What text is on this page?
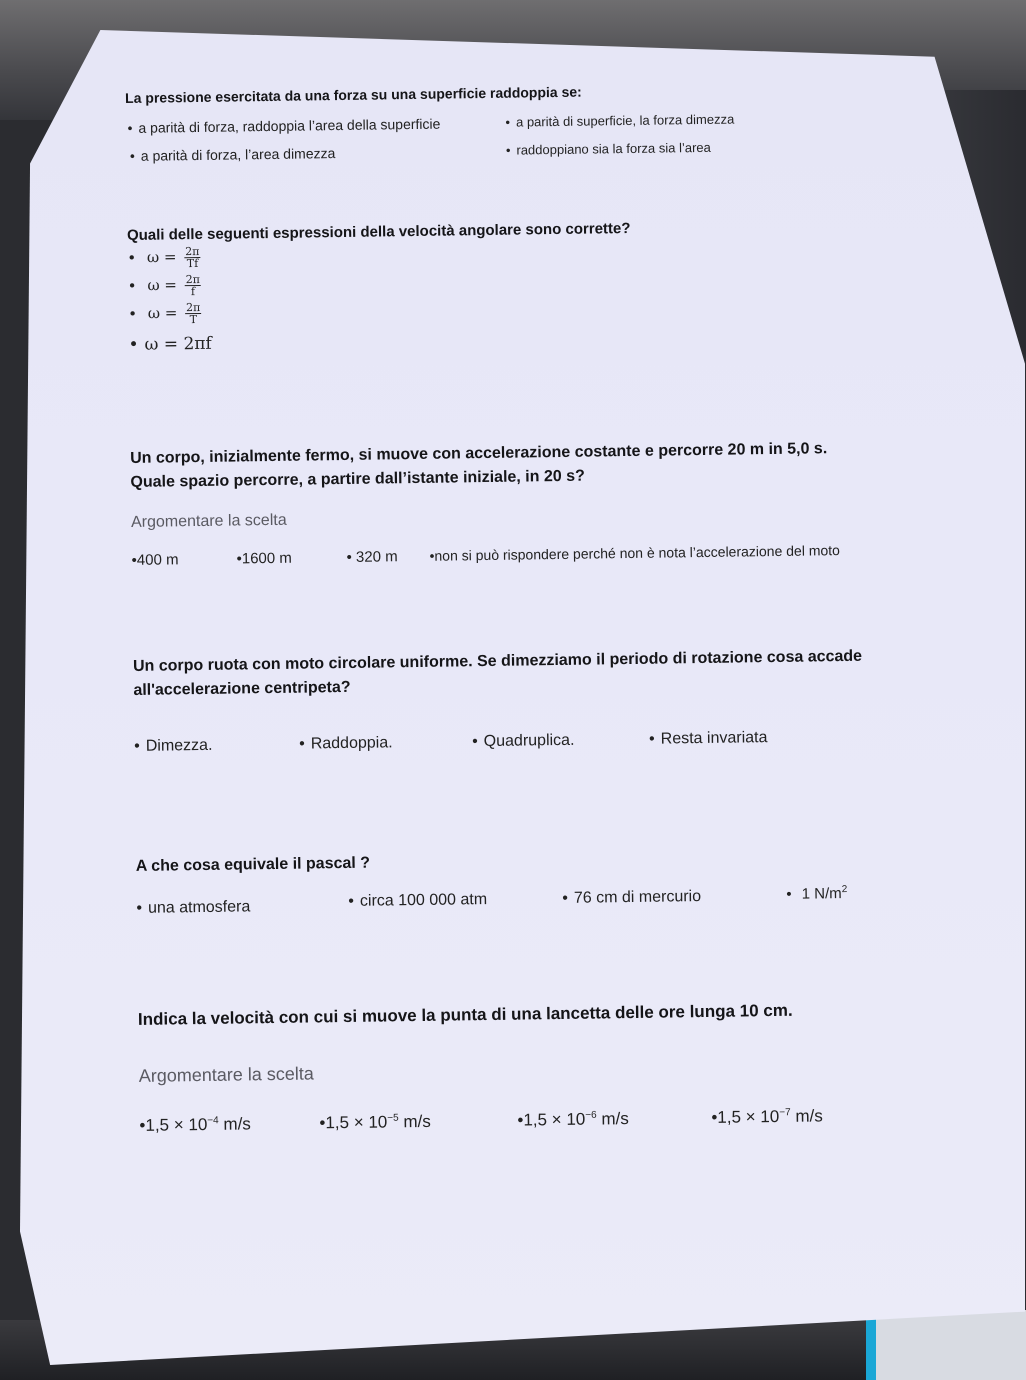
La pressione esercitata da una forza su una superficie raddoppia se:
• a parità di forza, raddoppia l’area della superficie	• a parità di superficie, la forza dimezza
• a parità di forza, l’area dimezza	• raddoppiano sia la forza sia l’area
Quali delle seguenti espressioni della velocità angolare sono corrette?
• $\omega = \frac{2\pi}{Tf}$
• $\omega = \frac{2\pi}{f}$
• $\omega = \frac{2\pi}{T}$
• ω = 2πf
Un corpo, inizialmente fermo, si muove con accelerazione costante e percorre 20 m in 5,0 s.
Quale spazio percorre, a partire dall’istante iniziale, in 20 s?
Argomentare la scelta
•400 m	•1600 m	• 320 m •non si può rispondere perché non è nota l’accelerazione del moto
Un corpo ruota con moto circolare uniforme. Se dimezziamo il periodo di rotazione cosa accade
all'accelerazione centripeta?
• Dimezza.	• Raddoppia.	• Quadruplica.	• Resta invariata
A che cosa equivale il pascal ?
• una atmosfera	• circa 100 000 atm	• 76 cm di mercurio	• 1 $N/m^2$
Indica la velocità con cui si muove la punta di una lancetta delle ore lunga 10 cm.
Argomentare la scelta
•1,5 × $10^{-4}$ m/s	•1,5 × $10^{-5}$ m/s	•1,5 × $10^{-6}$ m/s	•1,5 × $10^{-7}$ m/s
